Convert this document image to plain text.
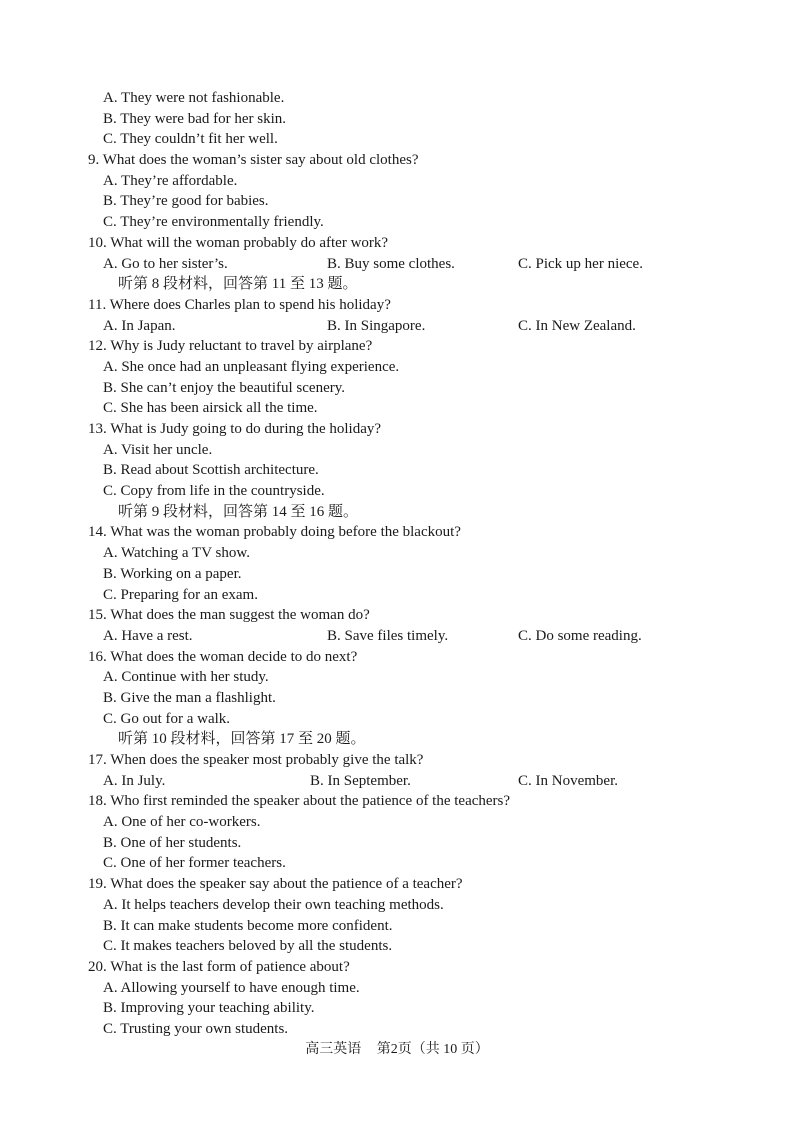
A. They were not fashionable.
B. They were bad for her skin.
C. They couldn’t fit her well.
9. What does the woman’s sister say about old clothes?
A. They’re affordable.
B. They’re good for babies.
C. They’re environmentally friendly.
10. What will the woman probably do after work?
A. Go to her sister’s.	B. Buy some clothes.	C. Pick up her niece.
听第 8 段材料，回答第 11 至 13 题。
11. Where does Charles plan to spend his holiday?
A. In Japan.	B. In Singapore.	C. In New Zealand.
12. Why is Judy reluctant to travel by airplane?
A. She once had an unpleasant flying experience.
B. She can’t enjoy the beautiful scenery.
C. She has been airsick all the time.
13. What is Judy going to do during the holiday?
A. Visit her uncle.
B. Read about Scottish architecture.
C. Copy from life in the countryside.
听第 9 段材料，回答第 14 至 16 题。
14. What was the woman probably doing before the blackout?
A. Watching a TV show.
B. Working on a paper.
C. Preparing for an exam.
15. What does the man suggest the woman do?
A. Have a rest.	B. Save files timely.	C. Do some reading.
16. What does the woman decide to do next?
A. Continue with her study.
B. Give the man a flashlight.
C. Go out for a walk.
听第 10 段材料，回答第 17 至 20 题。
17. When does the speaker most probably give the talk?
A. In July.	B. In September.	C. In November.
18. Who first reminded the speaker about the patience of the teachers?
A. One of her co-workers.
B. One of her students.
C. One of her former teachers.
19. What does the speaker say about the patience of a teacher?
A. It helps teachers develop their own teaching methods.
B. It can make students become more confident.
C. It makes teachers beloved by all the students.
20. What is the last form of patience about?
A. Allowing yourself to have enough time.
B. Improving your teaching ability.
C. Trusting your own students.
高三英语 第2页（共 10 页）
